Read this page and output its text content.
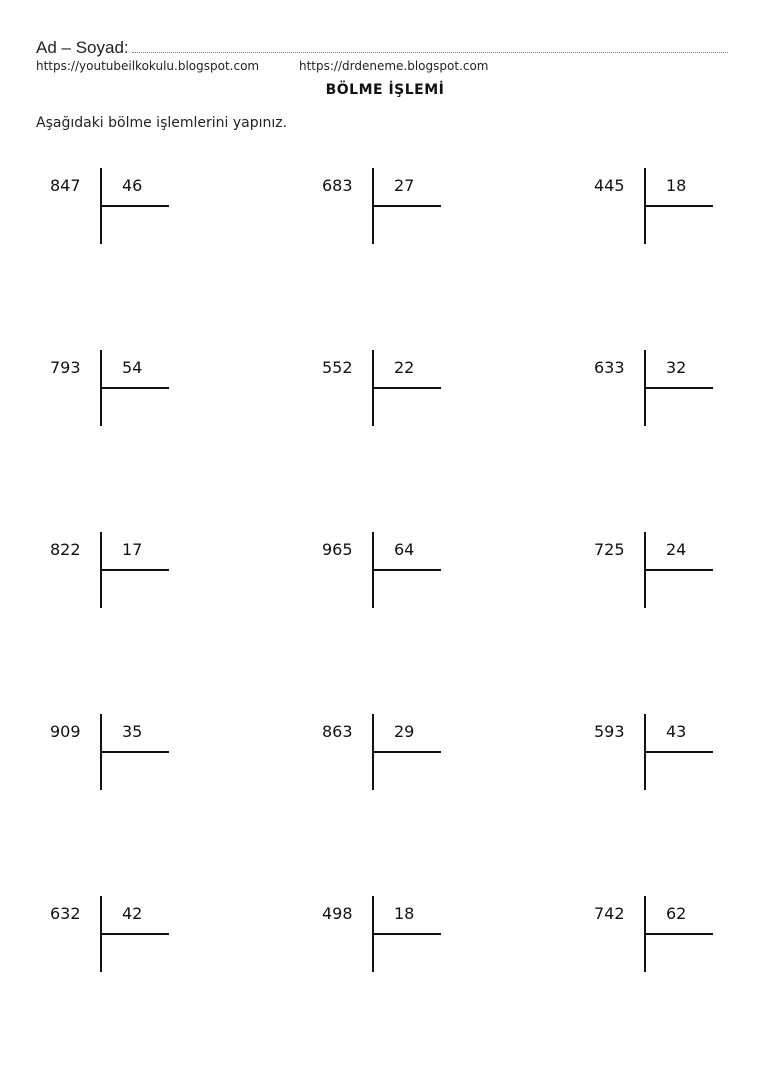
Ad – Soyad:
https://youtubeilkokulu.blogspot.com	https://drdeneme.blogspot.com
BÖLME İŞLEMİ
Aşağıdaki bölme işlemlerini yapınız.
847	46	683	27	445	18
793	54	552	22	633	32
822	17	965	64	725	24
909	35	863	29	593	43
632	42	498	18	742	62
